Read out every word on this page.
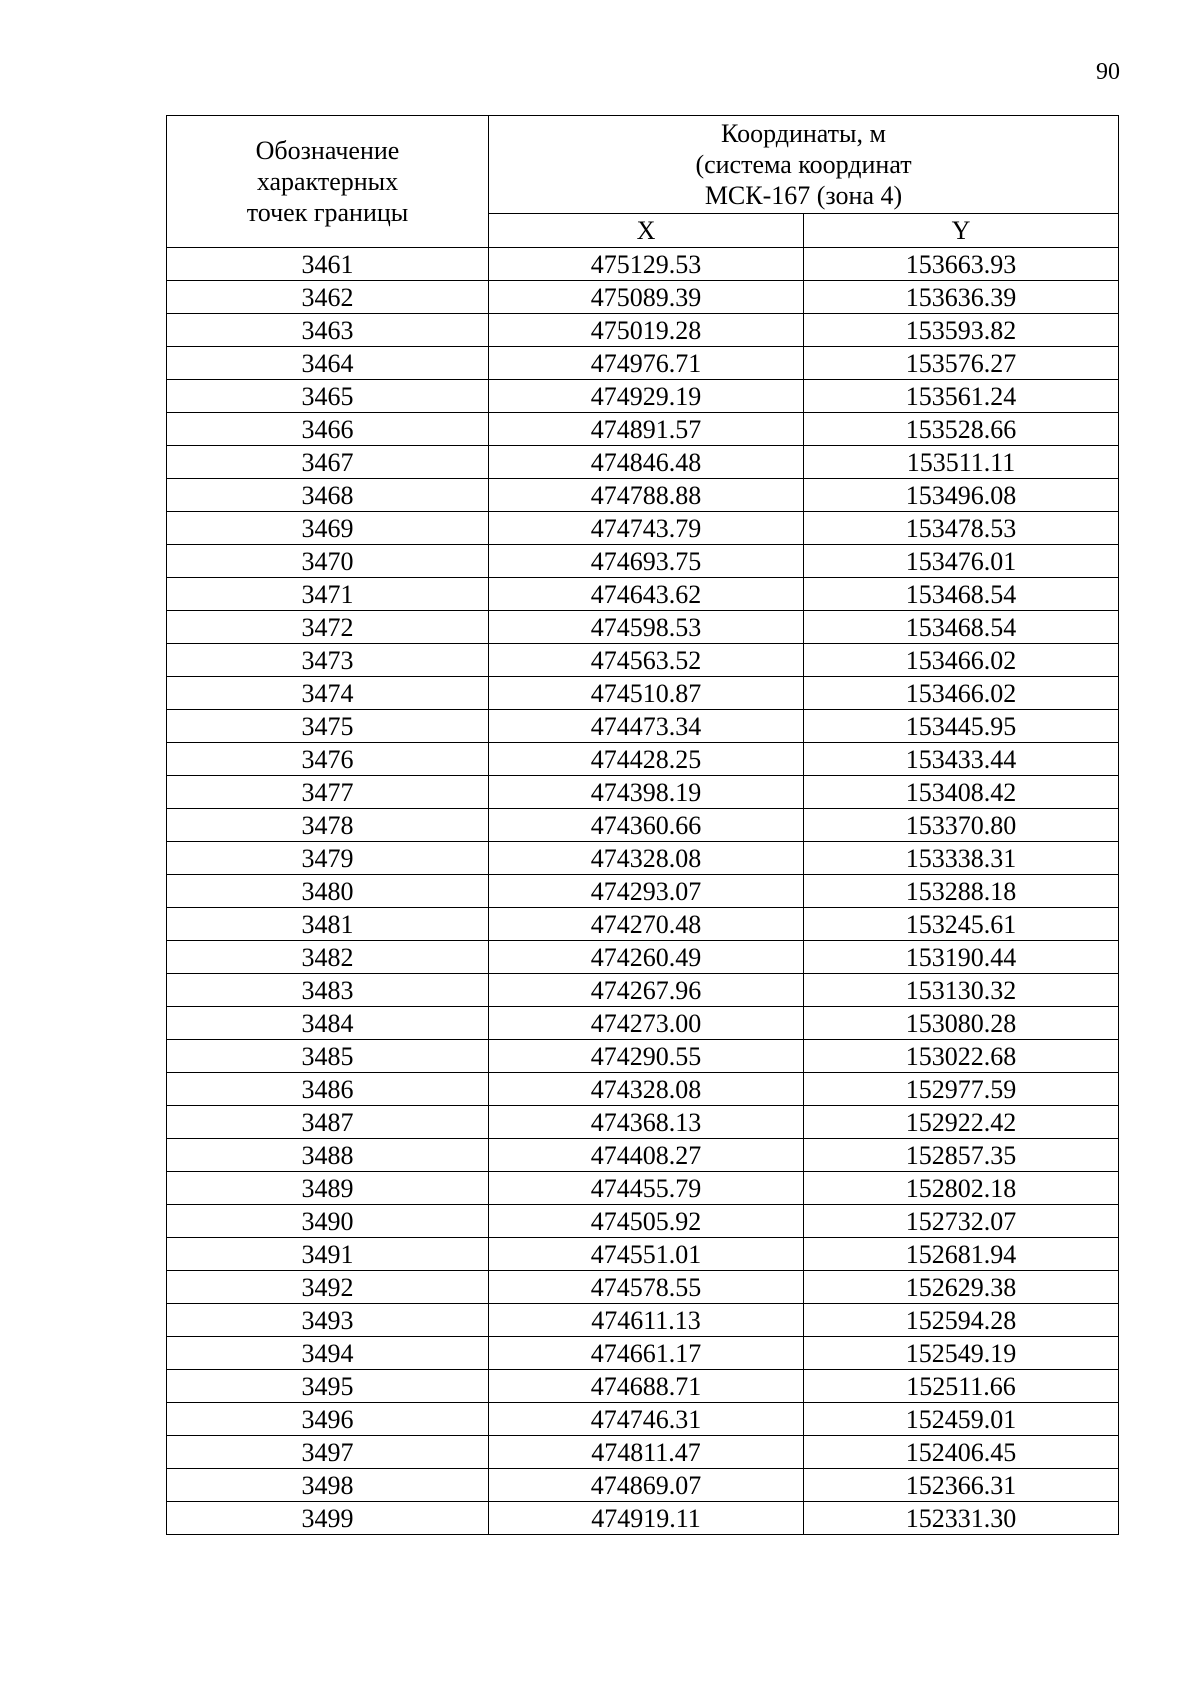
90
Обозначение
характерных
точек границы	Координаты, м
(система координат
МСК-167 (зона 4)	

	X	Y
3461	475129.53	153663.93
3462	475089.39	153636.39
3463	475019.28	153593.82
3464	474976.71	153576.27
3465	474929.19	153561.24
3466	474891.57	153528.66
3467	474846.48	153511.11
3468	474788.88	153496.08
3469	474743.79	153478.53
3470	474693.75	153476.01
3471	474643.62	153468.54
3472	474598.53	153468.54
3473	474563.52	153466.02
3474	474510.87	153466.02
3475	474473.34	153445.95
3476	474428.25	153433.44
3477	474398.19	153408.42
3478	474360.66	153370.80
3479	474328.08	153338.31
3480	474293.07	153288.18
3481	474270.48	153245.61
3482	474260.49	153190.44
3483	474267.96	153130.32
3484	474273.00	153080.28
3485	474290.55	153022.68
3486	474328.08	152977.59
3487	474368.13	152922.42
3488	474408.27	152857.35
3489	474455.79	152802.18
3490	474505.92	152732.07
3491	474551.01	152681.94
3492	474578.55	152629.38
3493	474611.13	152594.28
3494	474661.17	152549.19
3495	474688.71	152511.66
3496	474746.31	152459.01
3497	474811.47	152406.45
3498	474869.07	152366.31
3499	474919.11	152331.30
